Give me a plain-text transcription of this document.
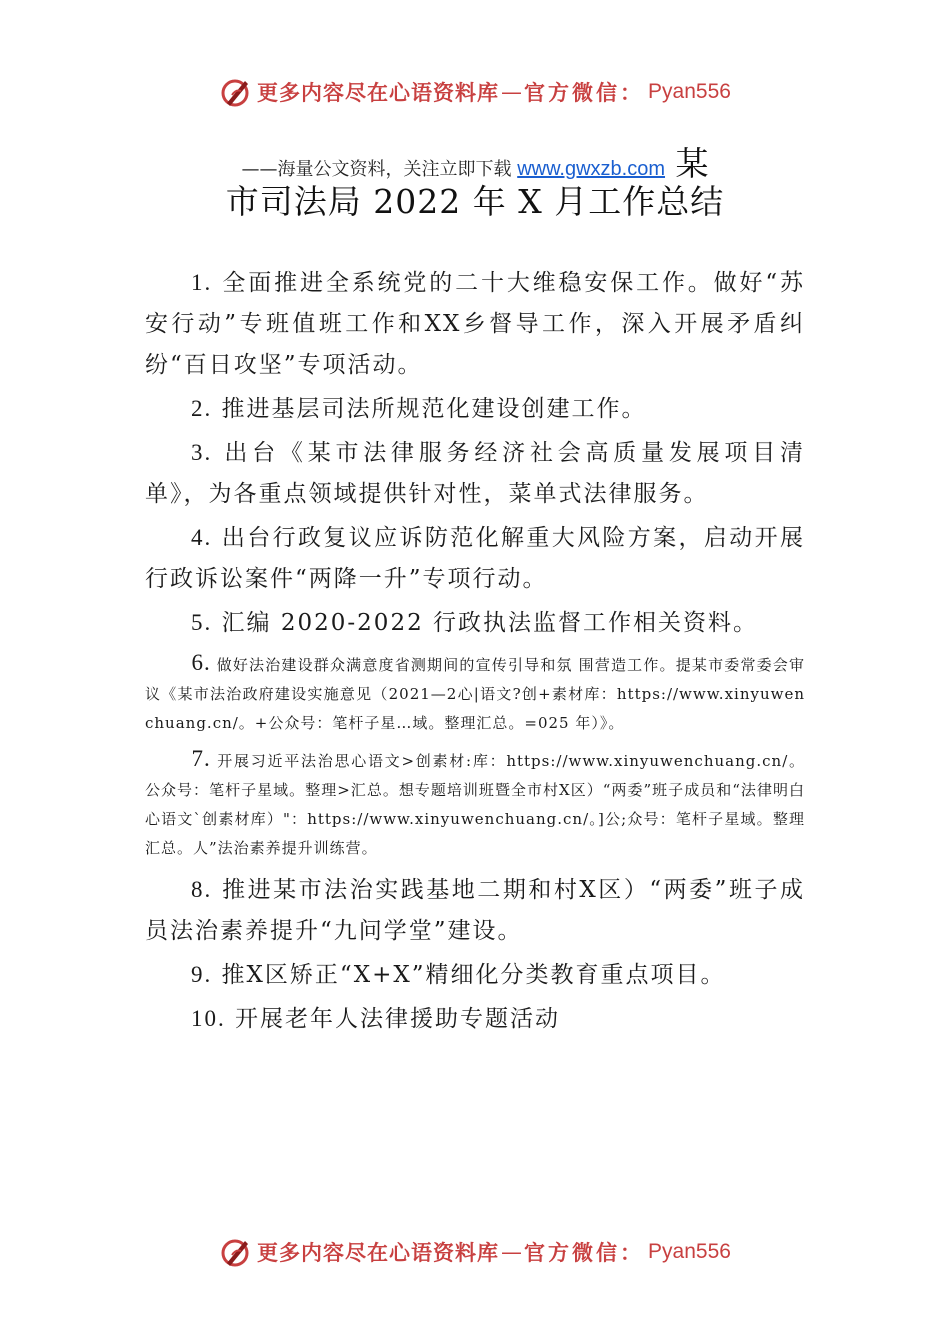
更多内容尽在心语资料库 — 官方微信： Pyan556
——海量公文资料，关注立即下载 www.gwxzb.com 某
市司法局 2022 年 X 月工作总结

1. 全面推进全系统党的二十大维稳安保工作。做好“苏安行动”专班值班工作和XX乡督导工作，深入开展矛盾纠纷“百日攻坚”专项活动。

2. 推进基层司法所规范化建设创建工作。

3. 出台《某市法律服务经济社会高质量发展项目清单》，为各重点领域提供针对性，菜单式法律服务。

4. 出台行政复议应诉防范化解重大风险方案，启动开展行政诉讼案件“两降一升”专项行动。

5. 汇编 2020-2022 行政执法监督工作相关资料。

6. 做好法治建设群众满意度省测期间的宣传引导和氛 围营造工作。提某市委常委会审议《某市法治政府建设实施意见（2021—2心|语文?创+素材库：https://www.xinyuwenchuang.cn/。+公众号：笔杆子星…域。整理汇总。=025 年）》。

7. 开展习近平法治思心语文>创素材:库：https://www.xinyuwenchuang.cn/。公众号：笔杆子星域。整理>汇总。想专题培训班暨全市村X区）“两委”班子成员和“法律明白心语文`创素材库）"：https://www.xinyuwenchuang.cn/。]公;众号：笔杆子星域。整理汇总。人”法治素养提升训练营。

8. 推进某市法治实践基地二期和村X区）“两委”班子成员法治素养提升“九问学堂”建设。

9. 推X区矫正“X+X”精细化分类教育重点项目。

10. 开展老年人法律援助专题活动

更多内容尽在心语资料库 — 官方微信： Pyan556
